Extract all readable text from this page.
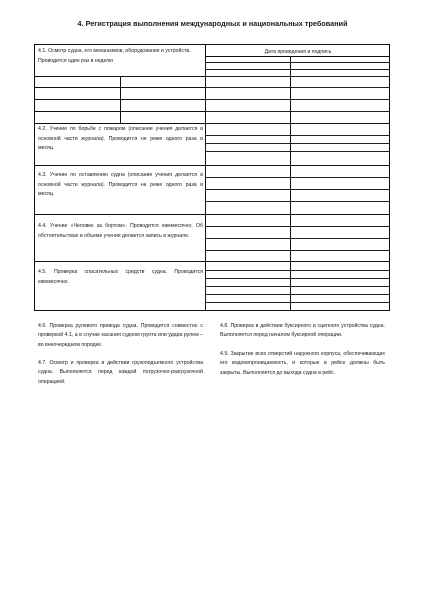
4. Регистрация выполнения международных и национальных требований
Дата проведения и подпись
4.1. Осмотр судна, его механизмов, оборудования и устройств. Проводится один раз в неделю
4.2. Учение по борьбе с пожаром (описание учения делается в основной части журнала). Проводится не реже одного раза в месяц.
4.3. Учение по оставлению судна (описание учения делается в основной части журнала). Проводится не реже одного раза в месяц.
4.4. Учение «Человек за бортом». Проводится ежемесячно. Об обстоятельствах и объеме учения делается запись в журнале.
4.5. Проверка спасательных средств судна. Проводится ежемесячно.
4.6. Проверка рулевого привода судна. Проводится совместно с проверкой 4.1, а в случае касания судном грунта или удара рулем – во внеочередном порядке.
4.7. Осмотр и проверка в действии грузоподъемного устройства судна. Выполняется перед каждой погрузочно-разгрузочной операцией.
4.8. Проверка в действии буксирного и сцепного устройства судна. Выполняется перед началом буксирной операции.
4.9. Закрытие всех отверстий наружного корпуса, обеспечивающих его водонепроницаемость, и которые в рейсе должны быть закрыты. Выполняется до выхода судна в рейс.
